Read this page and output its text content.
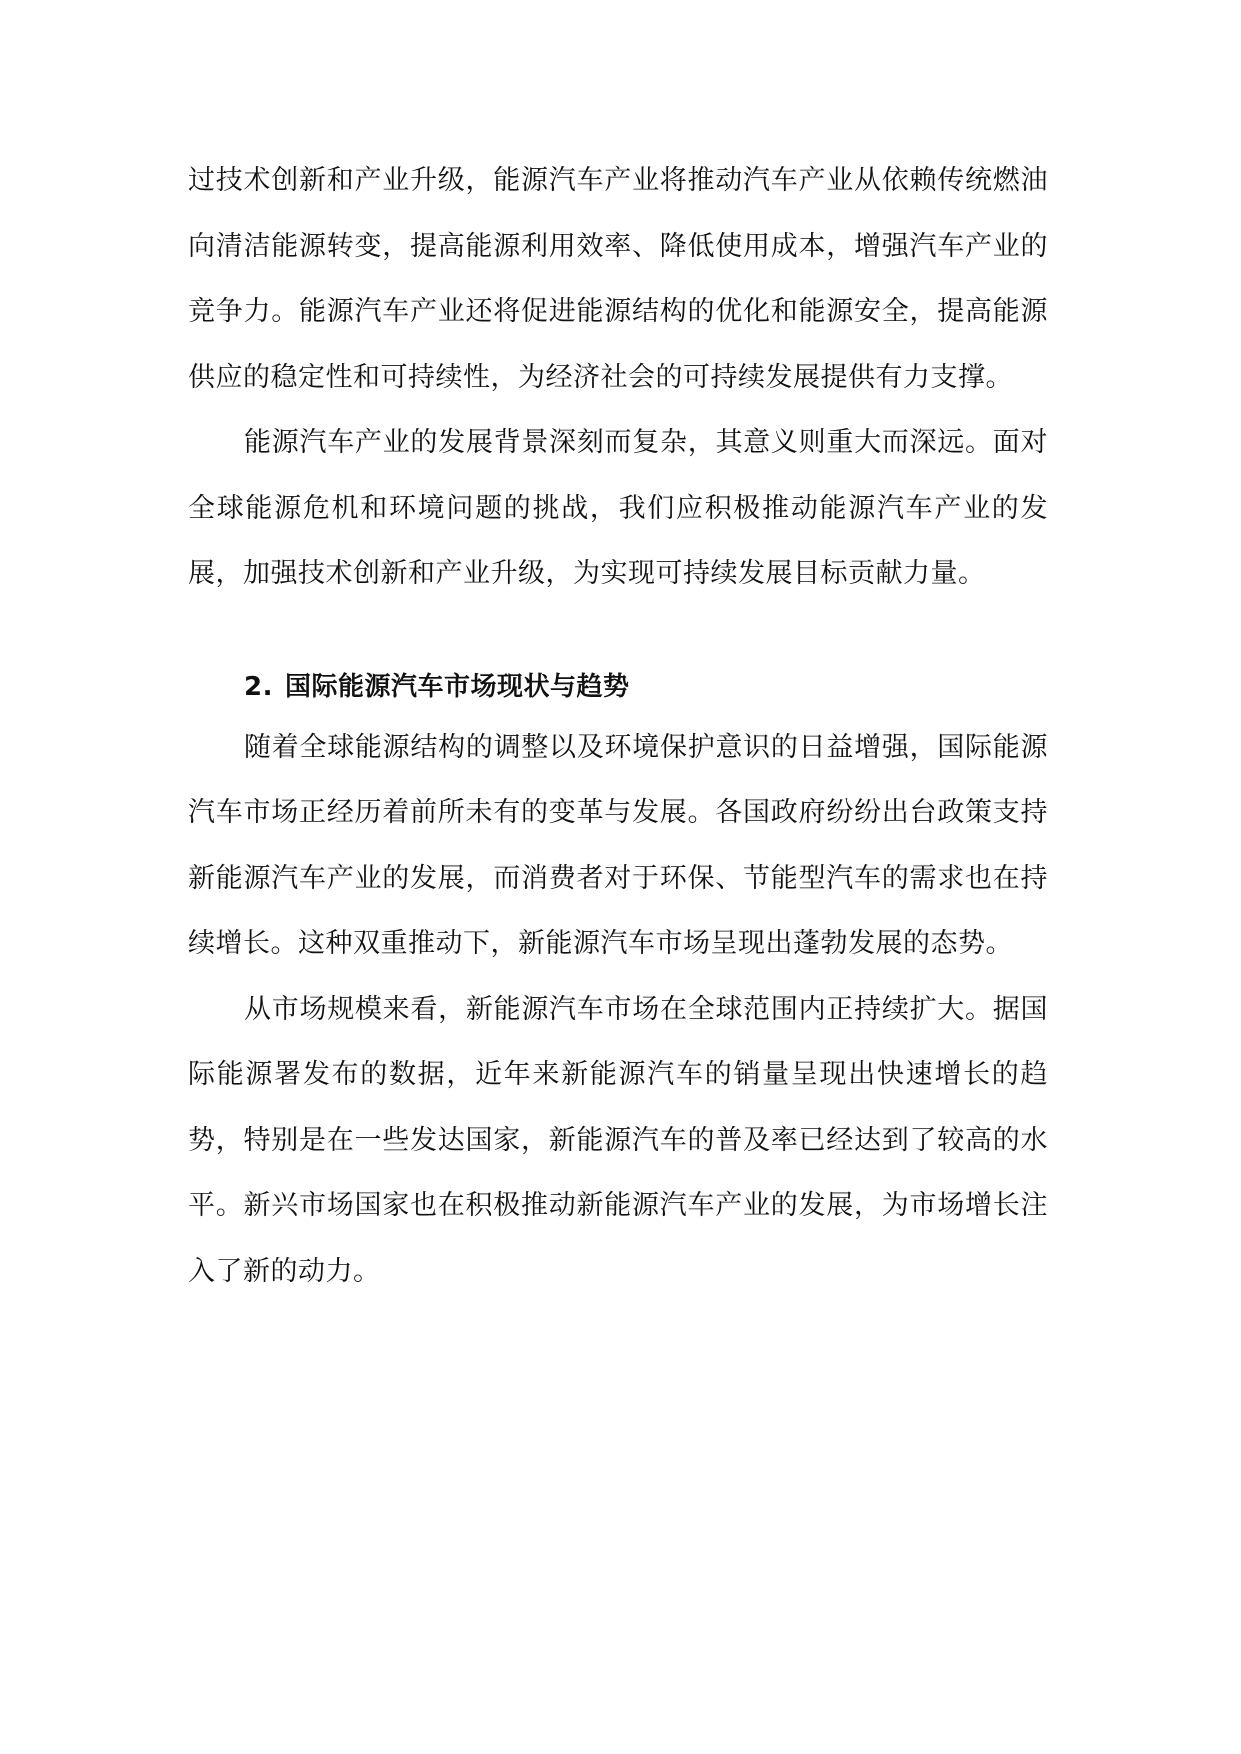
过技术创新和产业升级，能源汽车产业将推动汽车产业从依赖传统燃油向清洁能源转变，提高能源利用效率、降低使用成本，增强汽车产业的竞争力。能源汽车产业还将促进能源结构的优化和能源安全，提高能源供应的稳定性和可持续性，为经济社会的可持续发展提供有力支撑。

能源汽车产业的发展背景深刻而复杂，其意义则重大而深远。面对全球能源危机和环境问题的挑战，我们应积极推动能源汽车产业的发展，加强技术创新和产业升级，为实现可持续发展目标贡献力量。

2. 国际能源汽车市场现状与趋势

随着全球能源结构的调整以及环境保护意识的日益增强，国际能源汽车市场正经历着前所未有的变革与发展。各国政府纷纷出台政策支持新能源汽车产业的发展，而消费者对于环保、节能型汽车的需求也在持续增长。这种双重推动下，新能源汽车市场呈现出蓬勃发展的态势。

从市场规模来看，新能源汽车市场在全球范围内正持续扩大。据国际能源署发布的数据，近年来新能源汽车的销量呈现出快速增长的趋势，特别是在一些发达国家，新能源汽车的普及率已经达到了较高的水平。新兴市场国家也在积极推动新能源汽车产业的发展，为市场增长注入了新的动力。
